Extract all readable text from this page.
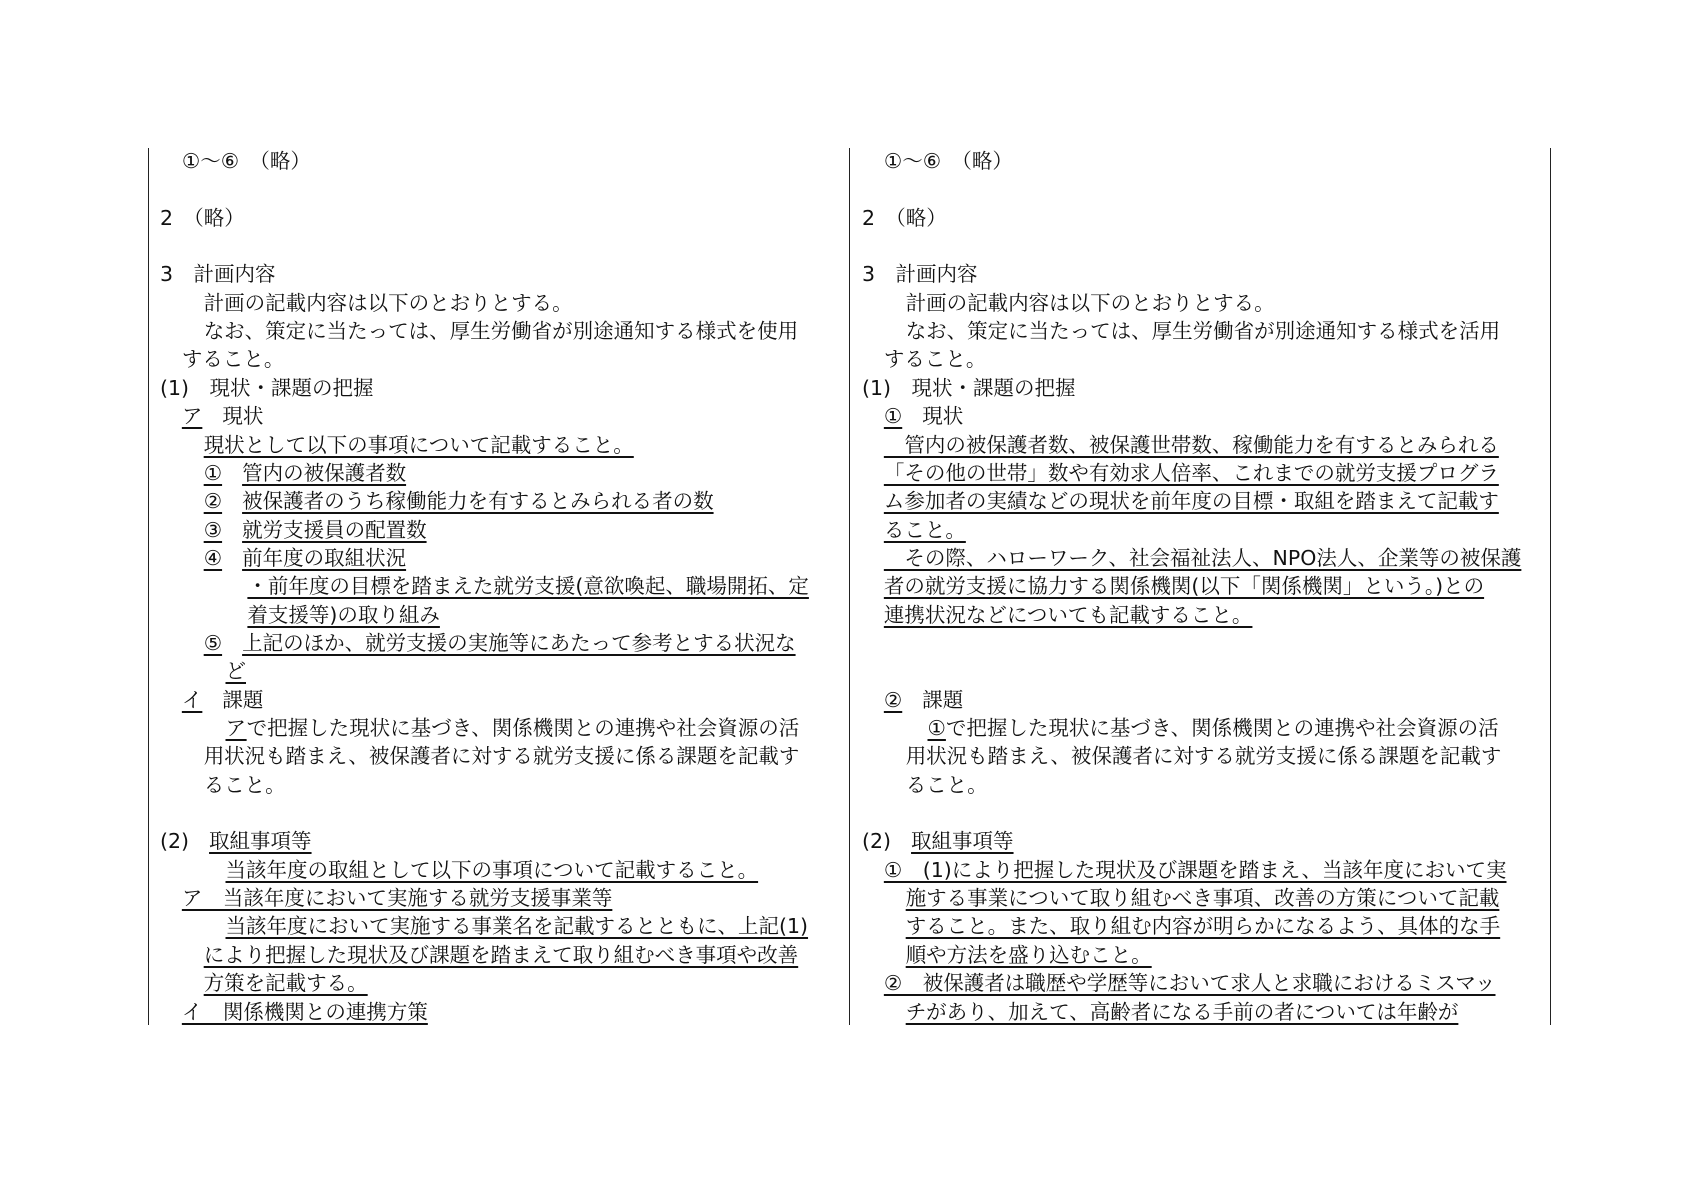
①〜⑥　（略）
2　（略）
3　計画内容
計画の記載内容は以下のとおりとする。
なお、策定に当たっては、厚生労働省が別途通知する様式を使用
すること。
(1)　現状・課題の把握
ア 現状
現状として以下の事項について記載すること。
① 管内の被保護者数
② 被保護者のうち稼働能力を有するとみられる者の数
③ 就労支援員の配置数
④ 前年度の取組状況
・前年度の目標を踏まえた就労支援(意欲喚起、職場開拓、定
着支援等)の取り組み
⑤ 上記のほか、就労支援の実施等にあたって参考とする状況な
ど
イ 課題
アで把握した現状に基づき、関係機関との連携や社会資源の活
用状況も踏まえ、被保護者に対する就労支援に係る課題を記載す
ること。
(2) 取組事項等
当該年度の取組として以下の事項について記載すること。
ア　当該年度において実施する就労支援事業等
当該年度において実施する事業名を記載するとともに、上記(1)
により把握した現状及び課題を踏まえて取り組むべき事項や改善
方策を記載する。
イ　関係機関との連携方策
①〜⑥　（略）
2　（略）
3　計画内容
計画の記載内容は以下のとおりとする。
なお、策定に当たっては、厚生労働省が別途通知する様式を活用
すること。
(1)　現状・課題の把握
① 現状
　管内の被保護者数、被保護世帯数、稼働能力を有するとみられる
「その他の世帯」数や有効求人倍率、これまでの就労支援プログラ
ム参加者の実績などの現状を前年度の目標・取組を踏まえて記載す
ること。
　その際、ハローワーク、社会福祉法人、NPO法人、企業等の被保護
者の就労支援に協力する関係機関(以下「関係機関」という。)との
連携状況などについても記載すること。
② 課題
①で把握した現状に基づき、関係機関との連携や社会資源の活
用状況も踏まえ、被保護者に対する就労支援に係る課題を記載す
ること。
(2) 取組事項等
①　(1)により把握した現状及び課題を踏まえ、当該年度において実
施する事業について取り組むべき事項、改善の方策について記載
すること。また、取り組む内容が明らかになるよう、具体的な手
順や方法を盛り込むこと。
②　被保護者は職歴や学歴等において求人と求職におけるミスマッ
チがあり、加えて、高齢者になる手前の者については年齢が
